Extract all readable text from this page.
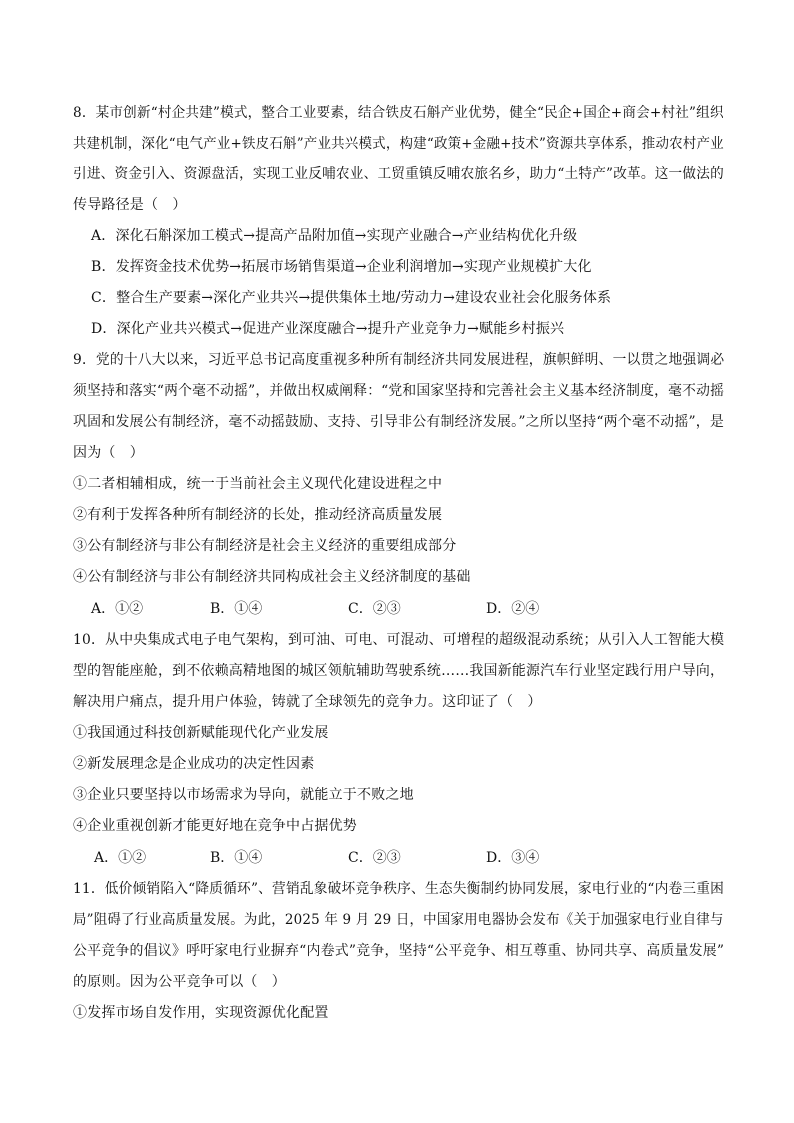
8．某市创新“村企共建”模式，整合工业要素，结合铁皮石斛产业优势，健全“民企+国企+商会+村社”组织
共建机制，深化“电气产业+铁皮石斛”产业共兴模式，构建“政策+金融+技术”资源共享体系，推动农村产业
引进、资金引入、资源盘活，实现工业反哺农业、工贸重镇反哺农旅名乡，助力“土特产”改革。这一做法的
传导路径是（　）
A．深化石斛深加工模式→提高产品附加值→实现产业融合→产业结构优化升级
B．发挥资金技术优势→拓展市场销售渠道→企业利润增加→实现产业规模扩大化
C．整合生产要素→深化产业共兴→提供集体土地/劳动力→建设农业社会化服务体系
D．深化产业共兴模式→促进产业深度融合→提升产业竞争力→赋能乡村振兴
9．党的十八大以来，习近平总书记高度重视多种所有制经济共同发展进程，旗帜鲜明、一以贯之地强调必
须坚持和落实“两个毫不动摇”，并做出权威阐释：“党和国家坚持和完善社会主义基本经济制度，毫不动摇
巩固和发展公有制经济，毫不动摇鼓励、支持、引导非公有制经济发展。”之所以坚持“两个毫不动摇”，是
因为（　）
①二者相辅相成，统一于当前社会主义现代化建设进程之中
②有利于发挥各种所有制经济的长处，推动经济高质量发展
③公有制经济与非公有制经济是社会主义经济的重要组成部分
④公有制经济与非公有制经济共同构成社会主义经济制度的基础
A．①②	B．①④	C．②③	D．②④
10．从中央集成式电子电气架构，到可油、可电、可混动、可增程的超级混动系统；从引入人工智能大模
型的智能座舱，到不依赖高精地图的城区领航辅助驾驶系统……我国新能源汽车行业坚定践行用户导向，
解决用户痛点，提升用户体验，铸就了全球领先的竞争力。这印证了（　）
①我国通过科技创新赋能现代化产业发展
②新发展理念是企业成功的决定性因素
③企业只要坚持以市场需求为导向，就能立于不败之地
④企业重视创新才能更好地在竞争中占据优势
A．①②	B．①④	C．②③	D．③④
11．低价倾销陷入“降质循环”、营销乱象破坏竞争秩序、生态失衡制约协同发展，家电行业的“内卷三重困
局”阻碍了行业高质量发展。为此，2025 年 9 月 29 日，中国家用电器协会发布《关于加强家电行业自律与
公平竞争的倡议》呼吁家电行业摒弃“内卷式”竞争，坚持“公平竞争、相互尊重、协同共享、高质量发展”
的原则。因为公平竞争可以（　）
①发挥市场自发作用，实现资源优化配置
